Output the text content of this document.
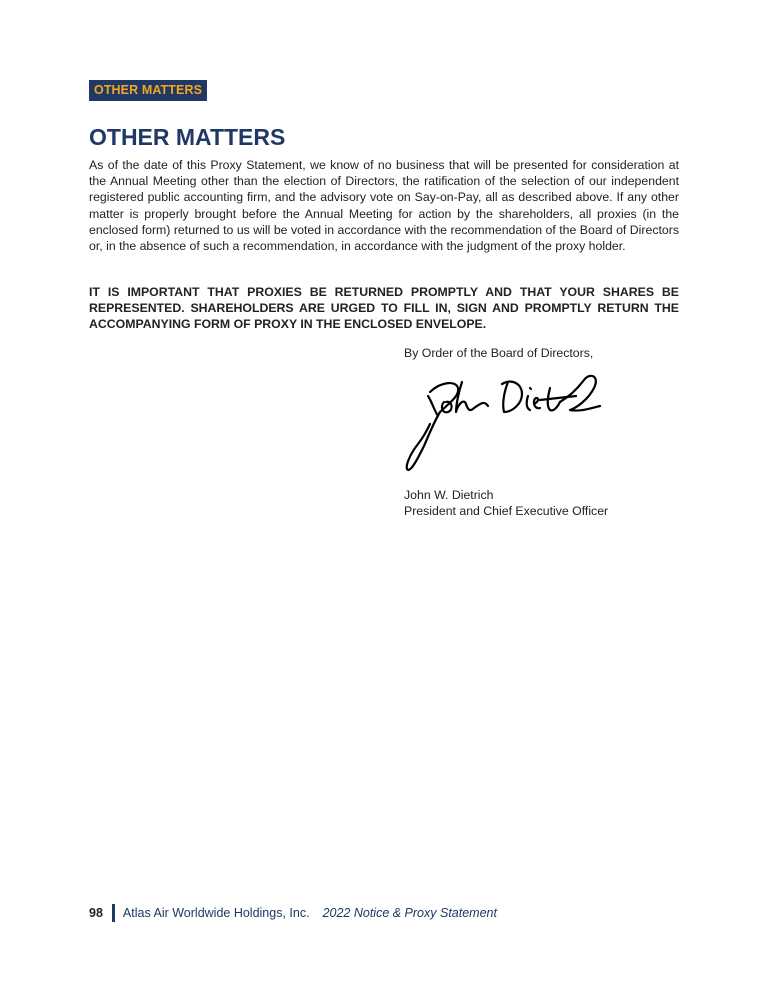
OTHER MATTERS
OTHER MATTERS

As of the date of this Proxy Statement, we know of no business that will be presented for consideration at the Annual Meeting other than the election of Directors, the ratification of the selection of our independent registered public accounting firm, and the advisory vote on Say-on-Pay, all as described above. If any other matter is properly brought before the Annual Meeting for action by the shareholders, all proxies (in the enclosed form) returned to us will be voted in accordance with the recommendation of the Board of Directors or, in the absence of such a recommendation, in accordance with the judgment of the proxy holder.

IT IS IMPORTANT THAT PROXIES BE RETURNED PROMPTLY AND THAT YOUR SHARES BE REPRESENTED. SHAREHOLDERS ARE URGED TO FILL IN, SIGN AND PROMPTLY RETURN THE ACCOMPANYING FORM OF PROXY IN THE ENCLOSED ENVELOPE.

By Order of the Board of Directors,
John W. Dietrich
President and Chief Executive Officer
98 Atlas Air Worldwide Holdings, Inc. 2022 Notice & Proxy Statement
